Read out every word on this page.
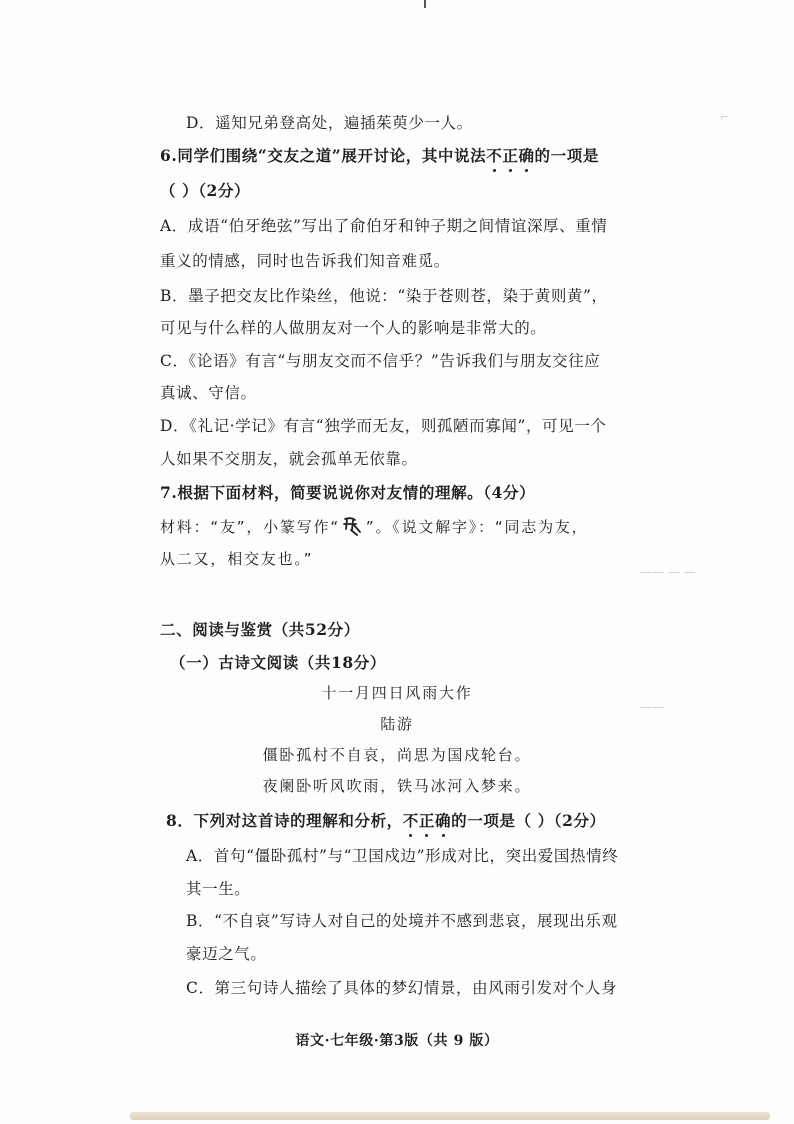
⌐
—— — —
——
D．遥知兄弟登高处，遍插茱萸少一人。
6.同学们围绕“交友之道”展开讨论，其中说法不正确的一项是
（ ）（2分）
A．成语“伯牙绝弦”写出了俞伯牙和钟子期之间情谊深厚、重情
重义的情感，同时也告诉我们知音难觅。
B．墨子把交友比作染丝，他说：“染于苍则苍，染于黄则黄”，
可见与什么样的人做朋友对一个人的影响是非常大的。
C．《论语》有言“与朋友交而不信乎？”告诉我们与朋友交往应
真诚、守信。
D．《礼记·学记》有言“独学而无友，则孤陋而寡闻”，可见一个
人如果不交朋友，就会孤单无依靠。
7.根据下面材料，简要说说你对友情的理解。（4分）
材料：“友”，小篆写作“ ”。《说文解字》：“同志为友，
从二又，相交友也。”
二、阅读与鉴赏（共52分）
（一）古诗文阅读（共18分）
十一月四日风雨大作
陆游
僵卧孤村不自哀，尚思为国戍轮台。
夜阑卧听风吹雨，铁马冰河入梦来。
8．下列对这首诗的理解和分析，不正确的一项是（ ）（2分）
A．首句“僵卧孤村”与“卫国戍边”形成对比，突出爱国热情终
其一生。
B．“不自哀”写诗人对自己的处境并不感到悲哀，展现出乐观
豪迈之气。
C．第三句诗人描绘了具体的梦幻情景，由风雨引发对个人身
语文·七年级·第3版（共 9 版）
